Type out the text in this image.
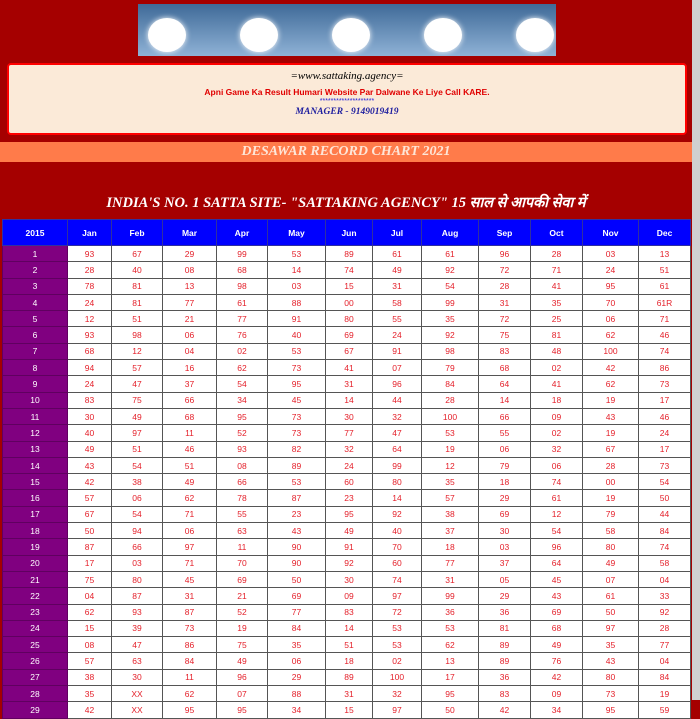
=www.sattaking.agency=
Apni Game Ka Result Humari Website Par Dalwane Ke Liye Call KARE.
********************
MANAGER - 9149019419
DESAWAR RECORD CHART 2021
INDIA'S NO. 1 SATTA SITE- "SATTAKING AGENCY" 15 साल से आपकी सेवा में
2015	Jan	Feb	Mar	Apr	May	Jun	Jul	Aug	Sep	Oct	Nov	Dec
1	93	67	29	99	53	89	61	61	96	28	03	13
2	28	40	08	68	14	74	49	92	72	71	24	51
3	78	81	13	98	03	15	31	54	28	41	95	61
4	24	81	77	61	88	00	58	99	31	35	70	61R
5	12	51	21	77	91	80	55	35	72	25	06	71
6	93	98	06	76	40	69	24	92	75	81	62	46
7	68	12	04	02	53	67	91	98	83	48	100	74
8	94	57	16	62	73	41	07	79	68	02	42	86
9	24	47	37	54	95	31	96	84	64	41	62	73
10	83	75	66	34	45	14	44	28	14	18	19	17
11	30	49	68	95	73	30	32	100	66	09	43	46
12	40	97	11	52	73	77	47	53	55	02	19	24
13	49	51	46	93	82	32	64	19	06	32	67	17
14	43	54	51	08	89	24	99	12	79	06	28	73
15	42	38	49	66	53	60	80	35	18	74	00	54
16	57	06	62	78	87	23	14	57	29	61	19	50
17	67	54	71	55	23	95	92	38	69	12	79	44
18	50	94	06	63	43	49	40	37	30	54	58	84
19	87	66	97	11	90	91	70	18	03	96	80	74
20	17	03	71	70	90	92	60	77	37	64	49	58
21	75	80	45	69	50	30	74	31	05	45	07	04
22	04	87	31	21	69	09	97	99	29	43	61	33
23	62	93	87	52	77	83	72	36	36	69	50	92
24	15	39	73	19	84	14	53	53	81	68	97	28
25	08	47	86	75	35	51	53	62	89	49	35	77
26	57	63	84	49	06	18	02	13	89	76	43	04
27	38	30	11	96	29	89	100	17	36	42	80	84
28	35	XX	62	07	88	31	32	95	83	09	73	19
29	42	XX	95	95	34	15	97	50	42	34	95	59
